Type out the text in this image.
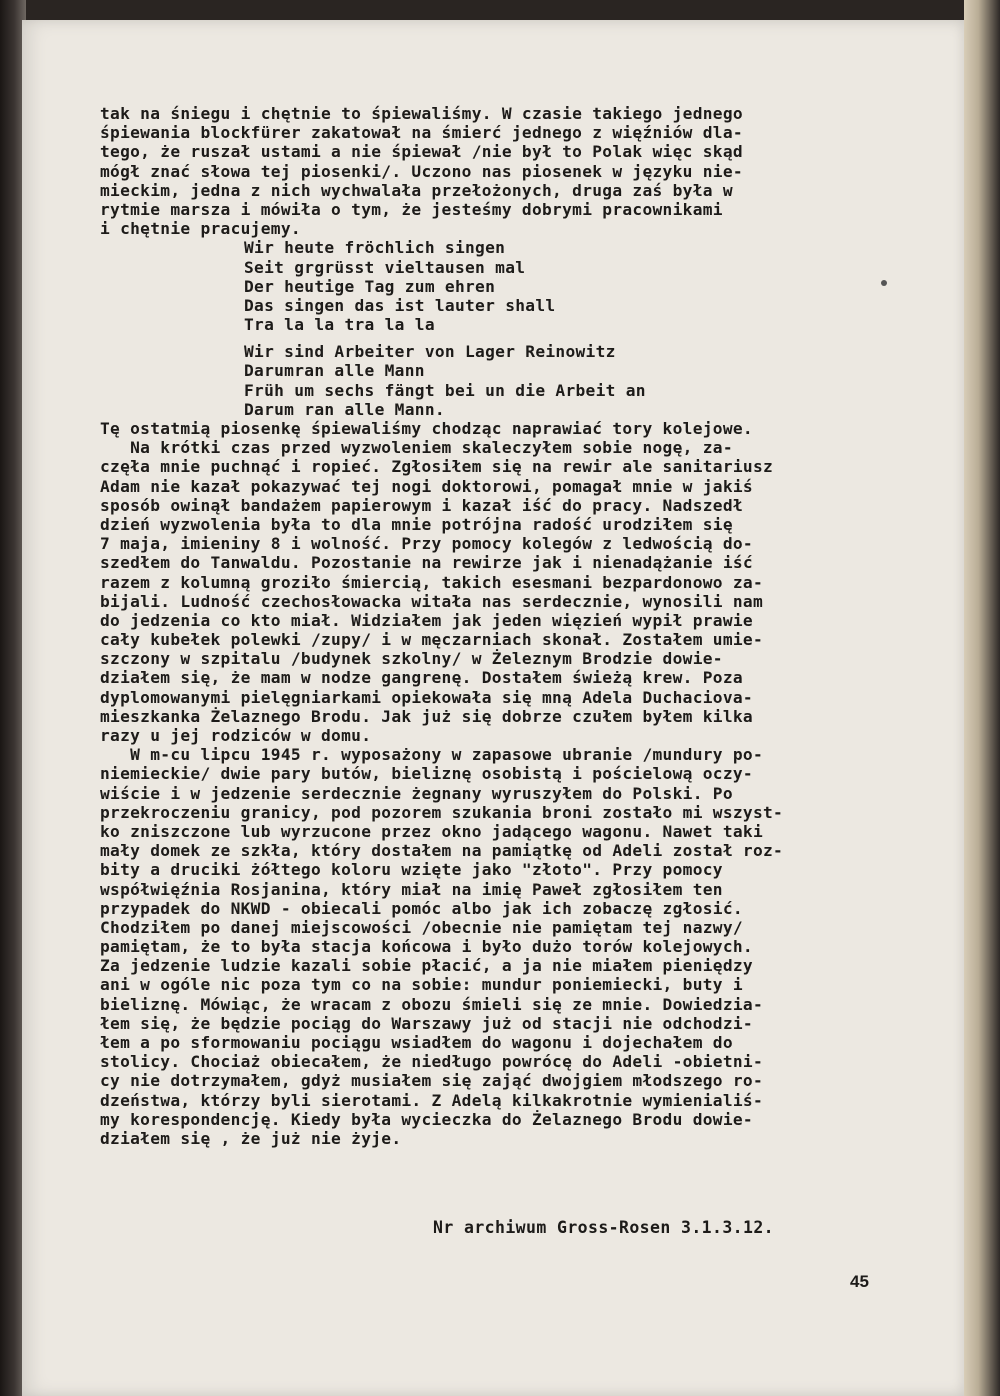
tak na śniegu i chętnie to śpiewaliśmy. W czasie takiego jednego
śpiewania blockfürer zakatował na śmierć jednego z więźniów dla-
tego, że ruszał ustami a nie śpiewał /nie był to Polak więc skąd
mógł znać słowa tej piosenki/. Uczono nas piosenek w języku nie-
mieckim, jedna z nich wychwalała przełożonych, druga zaś była w
rytmie marsza i mówiła o tym, że jesteśmy dobrymi pracownikami
i chętnie pracujemy.
Wir heute fröchlich singen
Seit grgrüsst vieltausen mal
Der heutige Tag zum ehren
Das singen das ist lauter shall
Tra la la tra la la
Wir sind Arbeiter von Lager Reinowitz
Darumran alle Mann
Früh um sechs fängt bei un die Arbeit an
Darum ran alle Mann.
Tę ostatmią piosenkę śpiewaliśmy chodząc naprawiać tory kolejowe.
Na krótki czas przed wyzwoleniem skaleczyłem sobie nogę, za-
częła mnie puchnąć i ropieć. Zgłosiłem się na rewir ale sanitariusz
Adam nie kazał pokazywać tej nogi doktorowi, pomagał mnie w jakiś
sposób owinął bandażem papierowym i kazał iść do pracy. Nadszedł
dzień wyzwolenia była to dla mnie potrójna radość urodziłem się
7 maja, imieniny 8 i wolność. Przy pomocy kolegów z ledwością do-
szedłem do Tanwaldu. Pozostanie na rewirze jak i nienadążanie iść
razem z kolumną groziło śmiercią, takich esesmani bezpardonowo za-
bijali. Ludność czechosłowacka witała nas serdecznie, wynosili nam
do jedzenia co kto miał. Widziałem jak jeden więzień wypił prawie
cały kubełek polewki /zupy/ i w męczarniach skonał. Zostałem umie-
szczony w szpitalu /budynek szkolny/ w Żeleznym Brodzie dowie-
działem się, że mam w nodze gangrenę. Dostałem świeżą krew. Poza
dyplomowanymi pielęgniarkami opiekowała się mną Adela Duchaciova-
mieszkanka Żelaznego Brodu. Jak już się dobrze czułem byłem kilka
razy u jej rodziców w domu.
W m-cu lipcu 1945 r. wyposażony w zapasowe ubranie /mundury po-
niemieckie/ dwie pary butów, bieliznę osobistą i pościelową oczy-
wiście i w jedzenie serdecznie żegnany wyruszyłem do Polski. Po
przekroczeniu granicy, pod pozorem szukania broni zostało mi wszyst-
ko zniszczone lub wyrzucone przez okno jadącego wagonu. Nawet taki
mały domek ze szkła, który dostałem na pamiątkę od Adeli został roz-
bity a druciki żółtego koloru wzięte jako "złoto". Przy pomocy
współwięźnia Rosjanina, który miał na imię Paweł zgłosiłem ten
przypadek do NKWD - obiecali pomóc albo jak ich zobaczę zgłosić.
Chodziłem po danej miejscowości /obecnie nie pamiętam tej nazwy/
pamiętam, że to była stacja końcowa i było dużo torów kolejowych.
Za jedzenie ludzie kazali sobie płacić, a ja nie miałem pieniędzy
ani w ogóle nic poza tym co na sobie: mundur poniemiecki, buty i
bieliznę. Mówiąc, że wracam z obozu śmieli się ze mnie. Dowiedzia-
łem się, że będzie pociąg do Warszawy już od stacji nie odchodzi-
łem a po sformowaniu pociągu wsiadłem do wagonu i dojechałem do
stolicy. Chociaż obiecałem, że niedługo powrócę do Adeli -obietni-
cy nie dotrzymałem, gdyż musiałem się zająć dwojgiem młodszego ro-
dzeństwa, którzy byli sierotami. Z Adelą kilkakrotnie wymienialiś-
my korespondencję. Kiedy była wycieczka do Żelaznego Brodu dowie-
działem się , że już nie żyje.
Nr archiwum Gross-Rosen 3.1.3.12.
45
